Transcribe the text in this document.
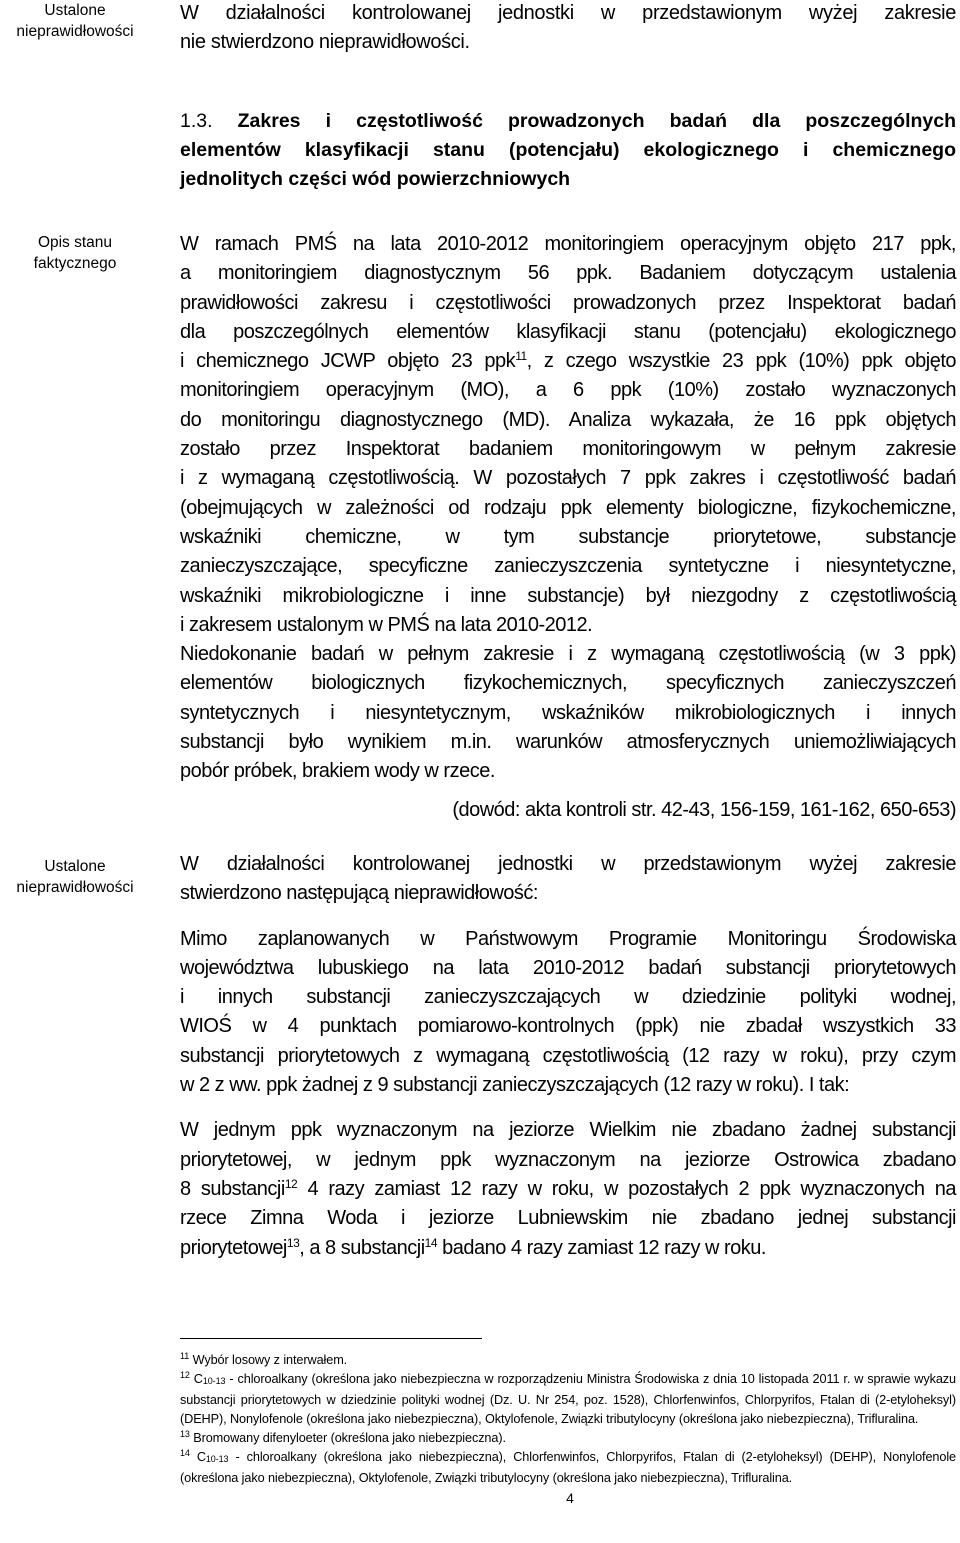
Ustalone
nieprawidłowości

W działalności kontrolowanej jednostki w przedstawionym wyżej zakresie
nie stwierdzono nieprawidłowości.

1.3. Zakres i częstotliwość prowadzonych badań dla poszczególnych
elementów klasyfikacji stanu (potencjału) ekologicznego i chemicznego
jednolitych części wód powierzchniowych

Opis stanu
faktycznego

W ramach PMŚ na lata 2010-2012 monitoringiem operacyjnym objęto 217 ppk,
a monitoringiem diagnostycznym 56 ppk. Badaniem dotyczącym ustalenia
prawidłowości zakresu i częstotliwości prowadzonych przez Inspektorat badań
dla poszczególnych elementów klasyfikacji stanu (potencjału) ekologicznego
i chemicznego JCWP objęto 23 ppk$^{11}$, z czego wszystkie 23 ppk (10%) ppk objęto
monitoringiem operacyjnym (MO), a 6 ppk (10%) zostało wyznaczonych
do monitoringu diagnostycznego (MD). Analiza wykazała, że 16 ppk objętych
zostało przez Inspektorat badaniem monitoringowym w pełnym zakresie
i z wymaganą częstotliwością. W pozostałych 7 ppk zakres i częstotliwość badań
(obejmujących w zależności od rodzaju ppk elementy biologiczne, fizykochemiczne,
wskaźniki chemiczne, w tym substancje priorytetowe, substancje
zanieczyszczające, specyficzne zanieczyszczenia syntetyczne i niesyntetyczne,
wskaźniki mikrobiologiczne i inne substancje) był niezgodny z częstotliwością
i zakresem ustalonym w PMŚ na lata 2010-2012.

Niedokonanie badań w pełnym zakresie i z wymaganą częstotliwością (w 3 ppk)
elementów biologicznych fizykochemicznych, specyficznych zanieczyszczeń
syntetycznych i niesyntetycznym, wskaźników mikrobiologicznych i innych
substancji było wynikiem m.in. warunków atmosferycznych uniemożliwiających
pobór próbek, brakiem wody w rzece.

(dowód: akta kontroli str. 42-43, 156-159, 161-162, 650-653)

Ustalone
nieprawidłowości

W działalności kontrolowanej jednostki w przedstawionym wyżej zakresie
stwierdzono następującą nieprawidłowość:

Mimo zaplanowanych w Państwowym Programie Monitoringu Środowiska
województwa lubuskiego na lata 2010-2012 badań substancji priorytetowych
i innych substancji zanieczyszczających w dziedzinie polityki wodnej,
WIOŚ w 4 punktach pomiarowo-kontrolnych (ppk) nie zbadał wszystkich 33
substancji priorytetowych z wymaganą częstotliwością (12 razy w roku), przy czym
w 2 z ww. ppk żadnej z 9 substancji zanieczyszczających (12 razy w roku). I tak:

W jednym ppk wyznaczonym na jeziorze Wielkim nie zbadano żadnej substancji
priorytetowej, w jednym ppk wyznaczonym na jeziorze Ostrowica zbadano
8 substancji$^{12}$ 4 razy zamiast 12 razy w roku, w pozostałych 2 ppk wyznaczonych na
rzece Zimna Woda i jeziorze Lubniewskim nie zbadano jednej substancji
priorytetowej$^{13}$, a 8 substancji$^{14}$ badano 4 razy zamiast 12 razy w roku.

$^{11}$ Wybór losowy z interwałem.
$^{12}$ C10-13 - chloroalkany (określona jako niebezpieczna w rozporządzeniu Ministra Środowiska z dnia 10 listopada 2011 r. w sprawie wykazu substancji priorytetowych w dziedzinie polityki wodnej (Dz. U. Nr 254, poz. 1528), Chlorfenwinfos, Chlorpyrifos, Ftalan di (2-etyloheksyl) (DEHP), Nonylofenole (określona jako niebezpieczna), Oktylofenole, Związki tributylocyny (określona jako niebezpieczna), Trifluralina.
$^{13}$ Bromowany difenyloeter (określona jako niebezpieczna).
$^{14}$ C10-13 - chloroalkany (określona jako niebezpieczna), Chlorfenwinfos, Chlorpyrifos, Ftalan di (2-etyloheksyl) (DEHP), Nonylofenole (określona jako niebezpieczna), Oktylofenole, Związki tributylocyny (określona jako niebezpieczna), Trifluralina.
4
